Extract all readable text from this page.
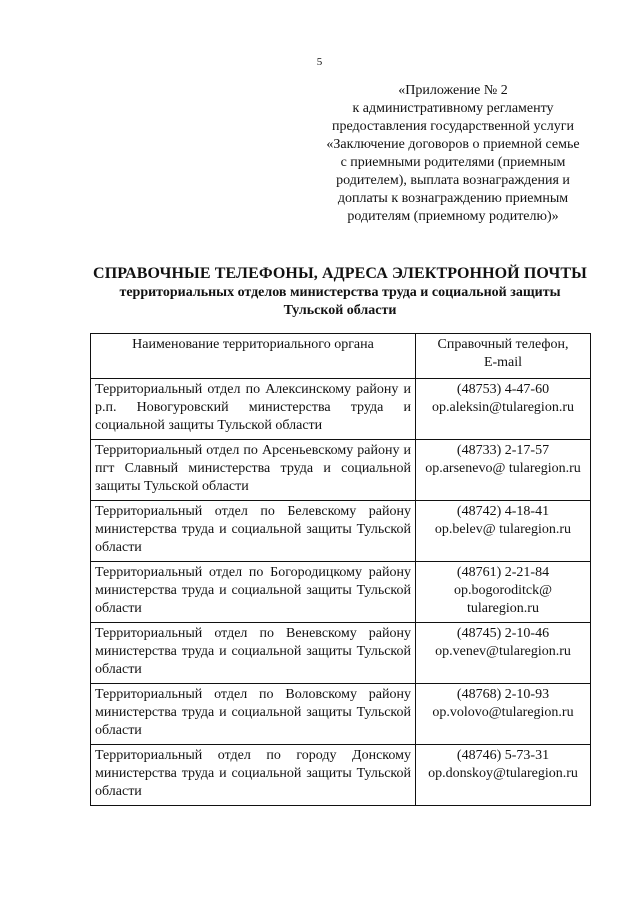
5
«Приложение № 2
к административному регламенту
предоставления государственной услуги
«Заключение договоров о приемной семье
с приемными родителями (приемным
родителем), выплата вознаграждения и
доплаты к вознаграждению приемным
родителям (приемному родителю)»
СПРАВОЧНЫЕ ТЕЛЕФОНЫ, АДРЕСА ЭЛЕКТРОННОЙ ПОЧТЫ
территориальных отделов министерства труда и социальной защиты
Тульской области
Наименование территориального органа	Справочный телефон,
E-mail

Территориальный отдел по Алексинскому району и р.п. Новогуровский министерства труда и социальной защиты Тульской области	(48753) 4-47-60
op.aleksin@tularegion.ru

Территориальный отдел по Арсеньевскому району и пгт Славный министерства труда и социальной защиты Тульской области	(48733) 2-17-57
op.arsenevo@ tularegion.ru

Территориальный отдел по Белевскому району министерства труда и социальной защиты Тульской области	(48742) 4-18-41
op.belev@ tularegion.ru

Территориальный отдел по Богородицкому району министерства труда и социальной защиты Тульской области	(48761) 2-21-84
op.bogoroditck@
tularegion.ru

Территориальный отдел по Веневскому району министерства труда и социальной защиты Тульской области	(48745) 2-10-46
op.venev@tularegion.ru

Территориальный отдел по Воловскому району министерства труда и социальной защиты Тульской области	(48768) 2-10-93
op.volovo@tularegion.ru

Территориальный отдел по городу Донскому министерства труда и социальной защиты Тульской области	(48746) 5-73-31
op.donskoy@tularegion.ru
